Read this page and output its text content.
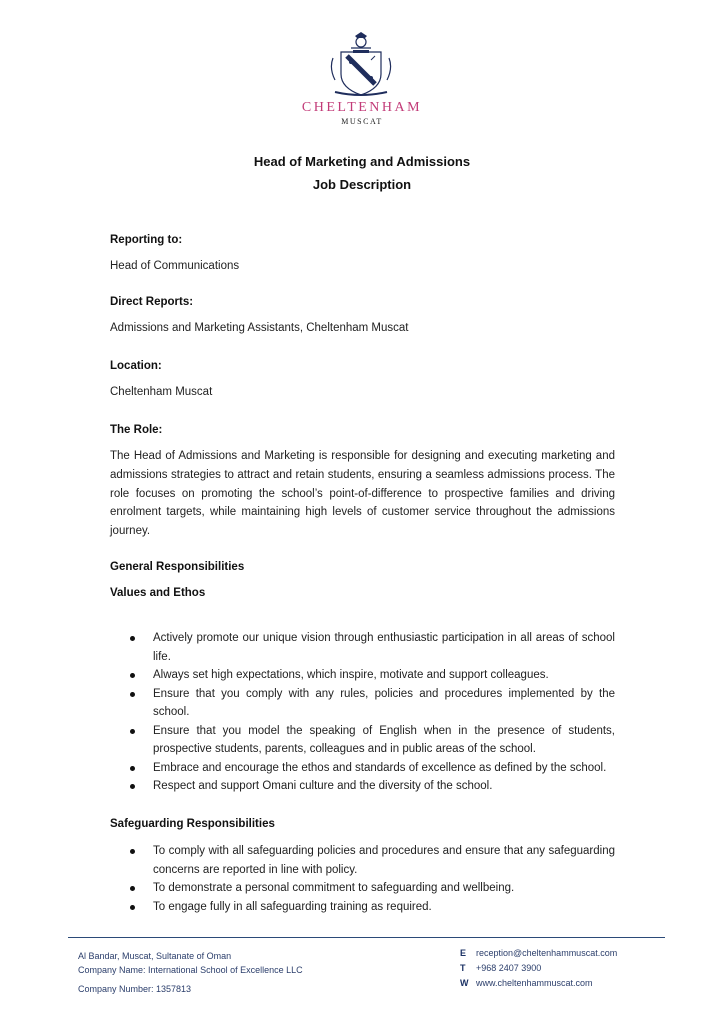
CHELTENHAM
MUSCAT
Head of Marketing and Admissions
Job Description
Reporting to:
Head of Communications
Direct Reports:
Admissions and Marketing Assistants, Cheltenham Muscat
Location:
Cheltenham Muscat
The Role:
The Head of Admissions and Marketing is responsible for designing and executing marketing and admissions strategies to attract and retain students, ensuring a seamless admissions process. The role focuses on promoting the school’s point-of-difference to prospective families and driving enrolment targets, while maintaining high levels of customer service throughout the admissions journey.
General Responsibilities
Values and Ethos
Actively promote our unique vision through enthusiastic participation in all areas of school life.
Always set high expectations, which inspire, motivate and support colleagues.
Ensure that you comply with any rules, policies and procedures implemented by the school.
Ensure that you model the speaking of English when in the presence of students, prospective students, parents, colleagues and in public areas of the school.
Embrace and encourage the ethos and standards of excellence as defined by the school.
Respect and support Omani culture and the diversity of the school.
Safeguarding Responsibilities
To comply with all safeguarding policies and procedures and ensure that any safeguarding concerns are reported in line with policy.
To demonstrate a personal commitment to safeguarding and wellbeing.
To engage fully in all safeguarding training as required.
Al Bandar, Muscat, Sultanate of Oman
Company Name: International School of Excellence LLC
Company Number: 1357813
E reception@cheltenhammuscat.com
T +968 2407 3900
W www.cheltenhammuscat.com
